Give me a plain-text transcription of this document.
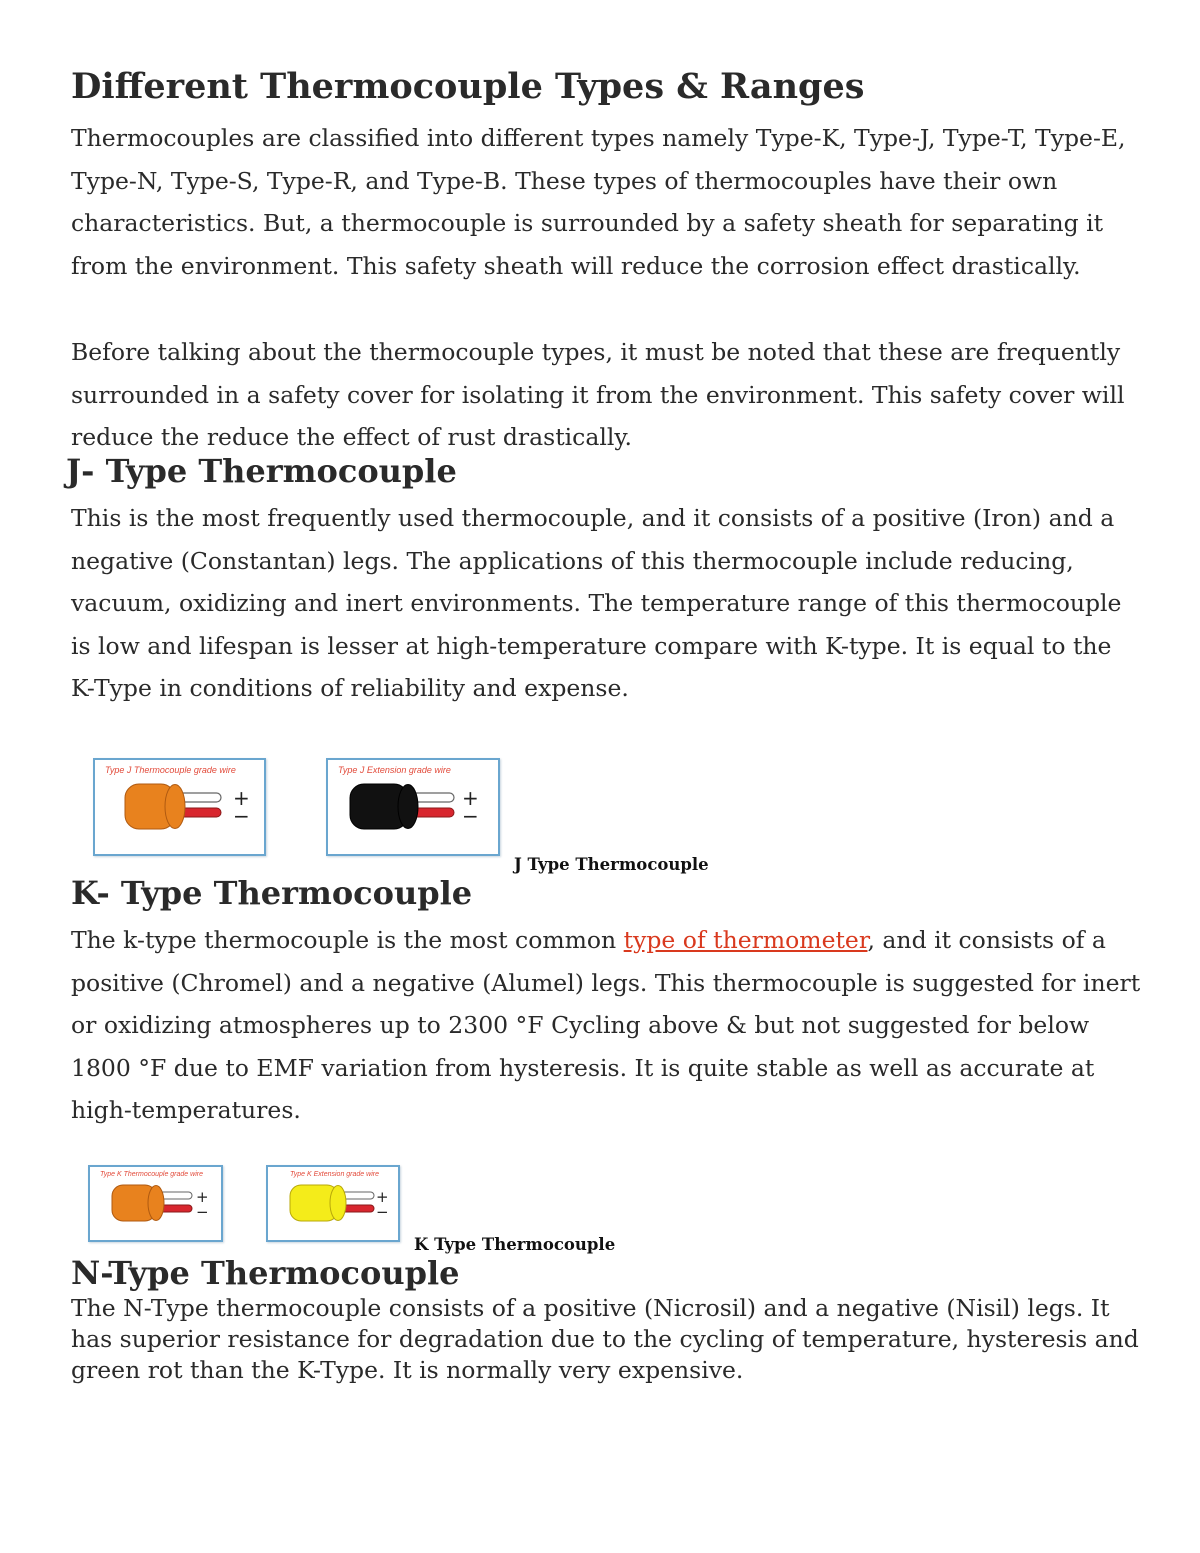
Different Thermocouple Types & Ranges

Thermocouples are classified into different types namely Type-K, Type-J, Type-T, Type-E, Type-N, Type-S, Type-R, and Type-B. These types of thermocouples have their own characteristics. But, a thermocouple is surrounded by a safety sheath for separating it from the environment. This safety sheath will reduce the corrosion effect drastically.

Before talking about the thermocouple types, it must be noted that these are frequently surrounded in a safety cover for isolating it from the environment. This safety cover will reduce the reduce the effect of rust drastically.

J- Type Thermocouple

This is the most frequently used thermocouple, and it consists of a positive (Iron) and a negative (Constantan) legs. The applications of this thermocouple include reducing, vacuum, oxidizing and inert environments. The temperature range of this thermocouple is low and lifespan is lesser at high-temperature compare with K-type. It is equal to the K-Type in conditions of reliability and expense.

Type J Thermocouple grade wire
+
−
Type J Extension grade wire
+
−

J Type Thermocouple

K- Type Thermocouple

The k-type thermocouple is the most common type of thermometer, and it consists of a positive (Chromel) and a negative (Alumel) legs. This thermocouple is suggested for inert or oxidizing atmospheres up to 2300 °F Cycling above & but not suggested for below 1800 °F due to EMF variation from hysteresis. It is quite stable as well as accurate at high-temperatures.

Type K Thermocouple grade wire
+
−
Type K Extension grade wire
+
−

K Type Thermocouple

N-Type Thermocouple

The N-Type thermocouple consists of a positive (Nicrosil) and a negative (Nisil) legs. It has superior resistance for degradation due to the cycling of temperature, hysteresis and green rot than the K-Type. It is normally very expensive.
